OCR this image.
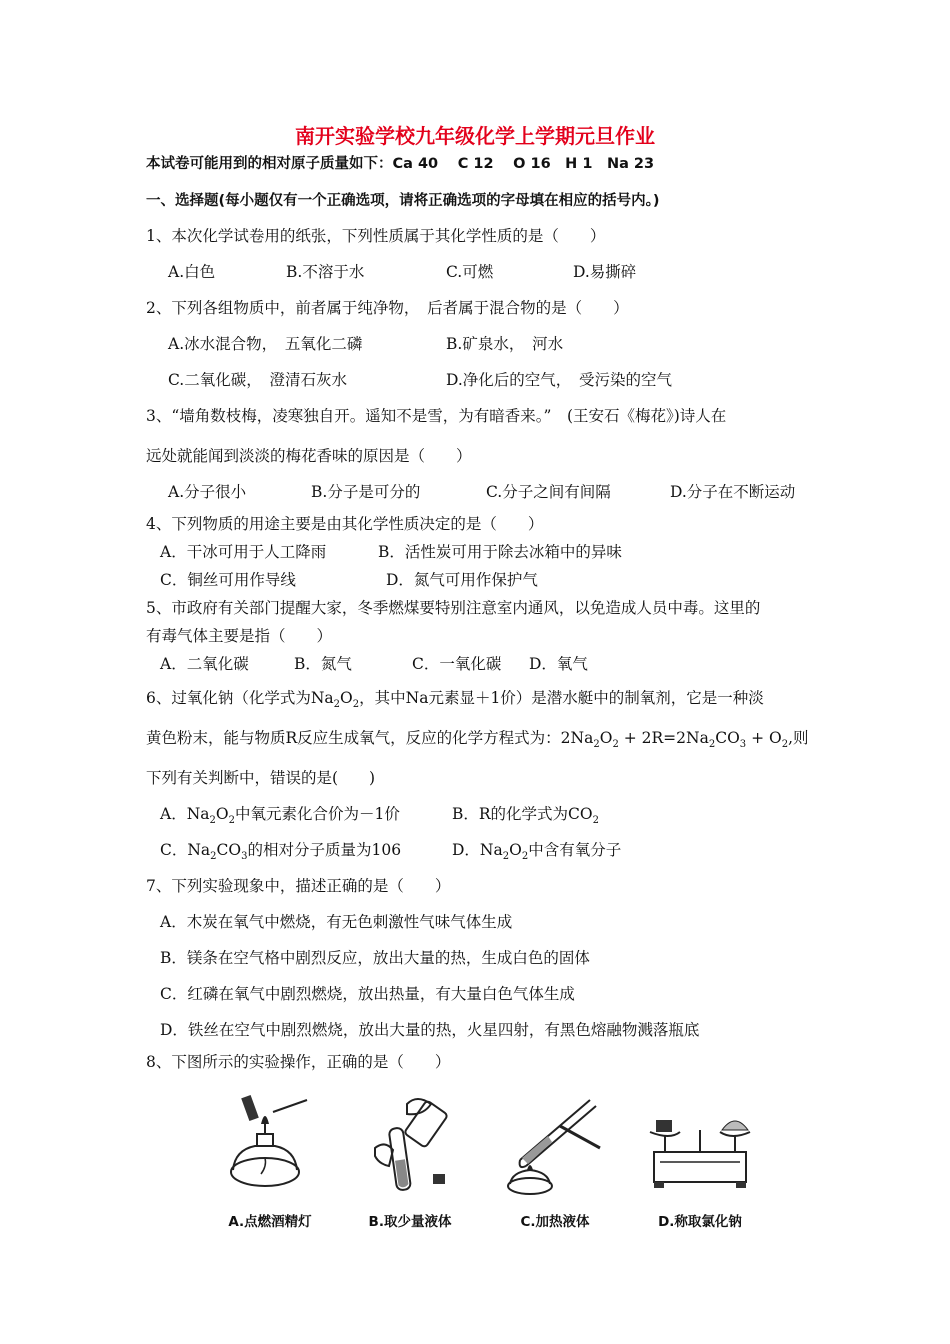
南开实验学校九年级化学上学期元旦作业
本试卷可能用到的相对原子质量如下：Ca 40　 C 12　 O 16　H 1　Na 23
一、选择题(每小题仅有一个正确选项，请将正确选项的字母填在相应的括号内。)
1、本次化学试卷用的纸张，下列性质属于其化学性质的是（　　）
A.白色	B.不溶于水	C.可燃	D.易撕碎
2、下列各组物质中，前者属于纯净物，　后者属于混合物的是（　　）
A.冰水混合物，　五氧化二磷	B.矿泉水，　河水
C.二氧化碳，　澄清石灰水	D.净化后的空气，　受污染的空气
3、“墙角数枝梅，凌寒独自开。遥知不是雪，为有暗香来。”　(王安石《梅花》)诗人在
远处就能闻到淡淡的梅花香味的原因是（　　）
A.分子很小	B.分子是可分的	C.分子之间有间隔	D.分子在不断运动
4、下列物质的用途主要是由其化学性质决定的是（　　）
A．干冰可用于人工降雨	B．活性炭可用于除去冰箱中的异味
C．铜丝可用作导线	D．氮气可用作保护气
5、市政府有关部门提醒大家，冬季燃煤要特别注意室内通风，以免造成人员中毒。这里的
有毒气体主要是指（　　）
A．二氧化碳	B．氮气	C．一氧化碳 D．氧气
6、过氧化钠（化学式为$Na_2O_2$，其中Na元素显＋1价）是潜水艇中的制氧剂，它是一种淡
黄色粉末，能与物质R反应生成氧气，反应的化学方程式为：$2Na_2O_2 + 2R=2Na_2CO_3 + O_2$,则
下列有关判断中，错误的是(　　)
A．$Na_2O_2$中氧元素化合价为－1价	B．R的化学式为$CO_2$
C．$Na_2CO_3$的相对分子质量为106	D．$Na_2O_2$中含有氧分子
7、下列实验现象中，描述正确的是（　　）
A．木炭在氧气中燃烧，有无色刺激性气味气体生成
B．镁条在空气格中剧烈反应，放出大量的热，生成白色的固体
C．红磷在氧气中剧烈燃烧，放出热量，有大量白色气体生成
D．铁丝在空气中剧烈燃烧，放出大量的热，火星四射，有黑色熔融物溅落瓶底
8、下图所示的实验操作，正确的是（　　）
A.点燃酒精灯	B.取少量液体	C.加热液体	D.称取氯化钠
